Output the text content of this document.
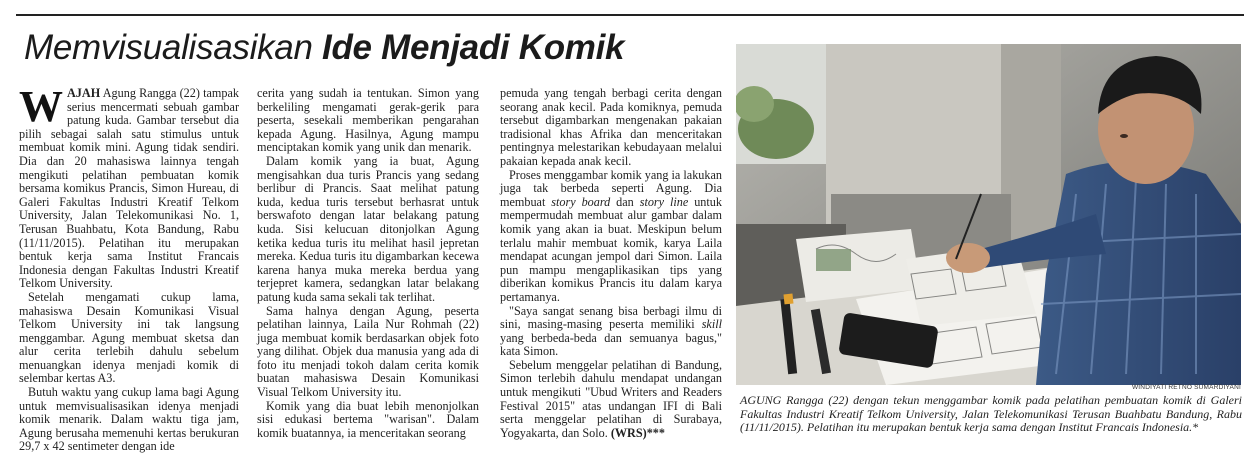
Memvisualisasikan Ide Menjadi Komik

WAJAH Agung Rangga (22) tampak serius mencermati sebuah gambar patung kuda. Gambar tersebut dia pilih sebagai salah satu stimulus untuk membuat komik mini. Agung tidak sendiri. Dia dan 20 mahasiswa lainnya tengah mengikuti pelatihan pembuatan komik bersama komikus Prancis, Simon Hureau, di Galeri Fakultas Industri Kreatif Telkom University, Jalan Telekomunikasi No. 1, Terusan Buahbatu, Kota Bandung, Rabu (11/11/2015). Pelatihan itu merupakan bentuk kerja sama Institut Francais Indonesia dengan Fakultas Industri Kreatif Telkom University.

Setelah mengamati cukup lama, mahasiswa Desain Komunikasi Visual Telkom University ini tak langsung menggambar. Agung membuat sketsa dan alur cerita terlebih dahulu sebelum menuangkan idenya menjadi komik di selembar kertas A3.

Butuh waktu yang cukup lama bagi Agung untuk memvisualisasikan idenya menjadi komik menarik. Dalam waktu tiga jam, Agung berusaha memenuhi kertas berukuran 29,7 x 42 sentimeter dengan ide

cerita yang sudah ia tentukan. Simon yang berkeliling mengamati gerak-gerik para peserta, sesekali memberikan pengarahan kepada Agung. Hasilnya, Agung mampu menciptakan komik yang unik dan menarik.

Dalam komik yang ia buat, Agung mengisahkan dua turis Prancis yang sedang berlibur di Prancis. Saat melihat patung kuda, kedua turis tersebut berhasrat untuk berswafoto dengan latar belakang patung kuda. Sisi kelucuan ditonjolkan Agung ketika kedua turis itu melihat hasil jepretan mereka. Kedua turis itu digambarkan kecewa karena hanya muka mereka berdua yang terjepret kamera, sedangkan latar belakang patung kuda sama sekali tak terlihat.

Sama halnya dengan Agung, peserta pelatihan lainnya, Laila Nur Rohmah (22) juga membuat komik berdasarkan objek foto yang dilihat. Objek dua manusia yang ada di foto itu menjadi tokoh dalam cerita komik buatan mahasiswa Desain Komunikasi Visual Telkom University itu.

Komik yang dia buat lebih menonjolkan sisi edukasi bertema "warisan". Dalam komik buatannya, ia menceritakan seorang

pemuda yang tengah berbagi cerita dengan seorang anak kecil. Pada komiknya, pemuda tersebut digambarkan mengenakan pakaian tradisional khas Afrika dan menceritakan pentingnya melestarikan kebudayaan melalui pakaian kepada anak kecil.

Proses menggambar komik yang ia lakukan juga tak berbeda seperti Agung. Dia membuat story board dan story line untuk mempermudah membuat alur gambar dalam komik yang akan ia buat. Meskipun belum terlalu mahir membuat komik, karya Laila mendapat acungan jempol dari Simon. Laila pun mampu mengaplikasikan tips yang diberikan komikus Prancis itu dalam karya pertamanya.

"Saya sangat senang bisa berbagi ilmu di sini, masing-masing peserta memiliki skill yang berbeda-beda dan semuanya bagus," kata Simon.

Sebelum menggelar pelatihan di Bandung, Simon terlebih dahulu mendapat undangan untuk mengikuti "Ubud Writers and Readers Festival 2015" atas undangan IFI di Bali serta menggelar pelatihan di Surabaya, Yogyakarta, dan Solo. (WRS)***

WINDIYATI RETNO SUMARDIYANI
AGUNG Rangga (22) dengan tekun menggambar komik pada pelatihan pembuatan komik di Galeri Fakultas Industri Kreatif Telkom University, Jalan Telekomunikasi Terusan Buahbatu Bandung, Rabu (11/11/2015). Pelatihan itu merupakan bentuk kerja sama dengan Institut Francais Indonesia.*
